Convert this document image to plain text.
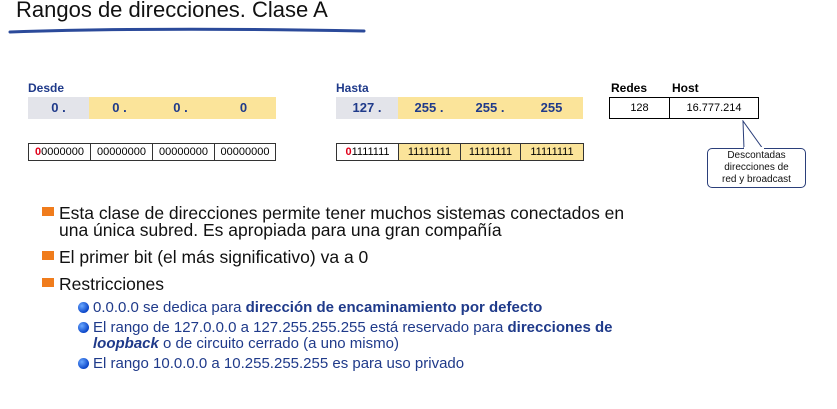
Rangos de direcciones. Clase A
Desde
0 .	0 .	0 .	0
00000000	00000000	00000000	00000000
Hasta
127 .	255 .	255 .	255
01111111	11111111	11111111	11111111
Redes Host
128	16.777.214
Descontadas
direcciones de
red y broadcast
Esta clase de direcciones permite tener muchos sistemas conectados en
una única subred. Es apropiada para una gran compañía
El primer bit (el más significativo) va a 0
Restricciones
0.0.0.0 se dedica para dirección de encaminamiento por defecto
El rango de 127.0.0.0 a 127.255.255.255 está reservado para direcciones de
loopback o de circuito cerrado (a uno mismo)
El rango 10.0.0.0 a 10.255.255.255 es para uso privado
